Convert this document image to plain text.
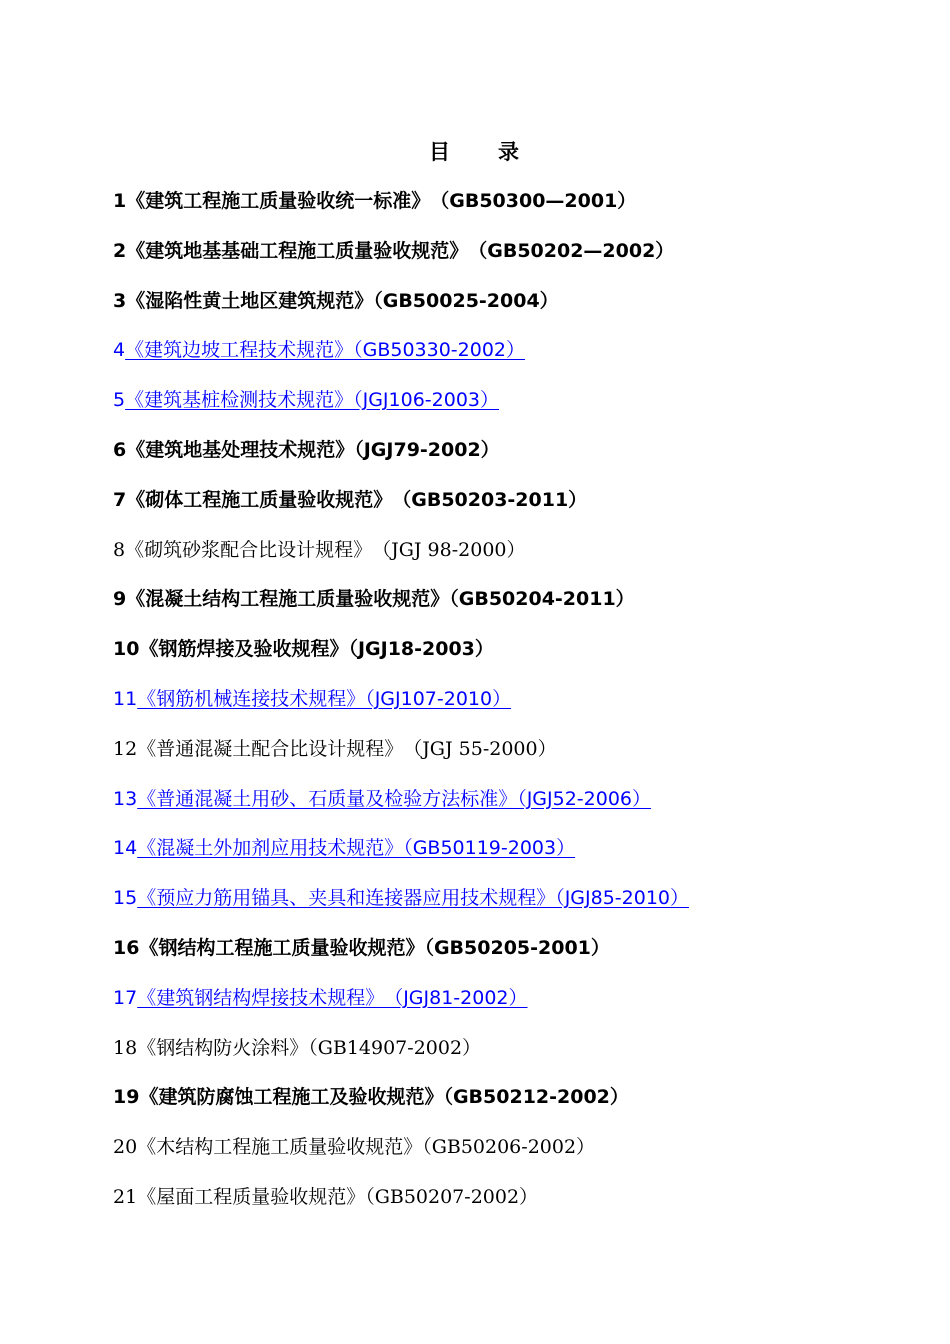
目　　录
1《建筑工程施工质量验收统一标准》　（GB50300—2001）
2《建筑地基基础工程施工质量验收规范》　（GB50202—2002）
3《湿陷性黄土地区建筑规范》（GB50025-2004）
4《建筑边坡工程技术规范》（GB50330-2002）
5《建筑基桩检测技术规范》（JGJ106-2003）
6《建筑地基处理技术规范》（JGJ79-2002）
7《砌体工程施工质量验收规范》　（GB50203-2011）
8《砌筑砂浆配合比设计规程》　（JGJ 98-2000）
9《混凝土结构工程施工质量验收规范》（GB50204-2011）
10《钢筋焊接及验收规程》（JGJ18-2003）
11《钢筋机械连接技术规程》（JGJ107-2010）
12《普通混凝土配合比设计规程》　（JGJ 55-2000）
13《普通混凝土用砂、石质量及检验方法标准》（JGJ52-2006）
14《混凝土外加剂应用技术规范》（GB50119-2003）
15《预应力筋用锚具、夹具和连接器应用技术规程》（JGJ85-2010）
16《钢结构工程施工质量验收规范》（GB50205-2001）
17《建筑钢结构焊接技术规程》　（JGJ81-2002）
18《钢结构防火涂料》（GB14907-2002）
19《建筑防腐蚀工程施工及验收规范》（GB50212-2002）
20《木结构工程施工质量验收规范》（GB50206-2002）
21《屋面工程质量验收规范》（GB50207-2002）
